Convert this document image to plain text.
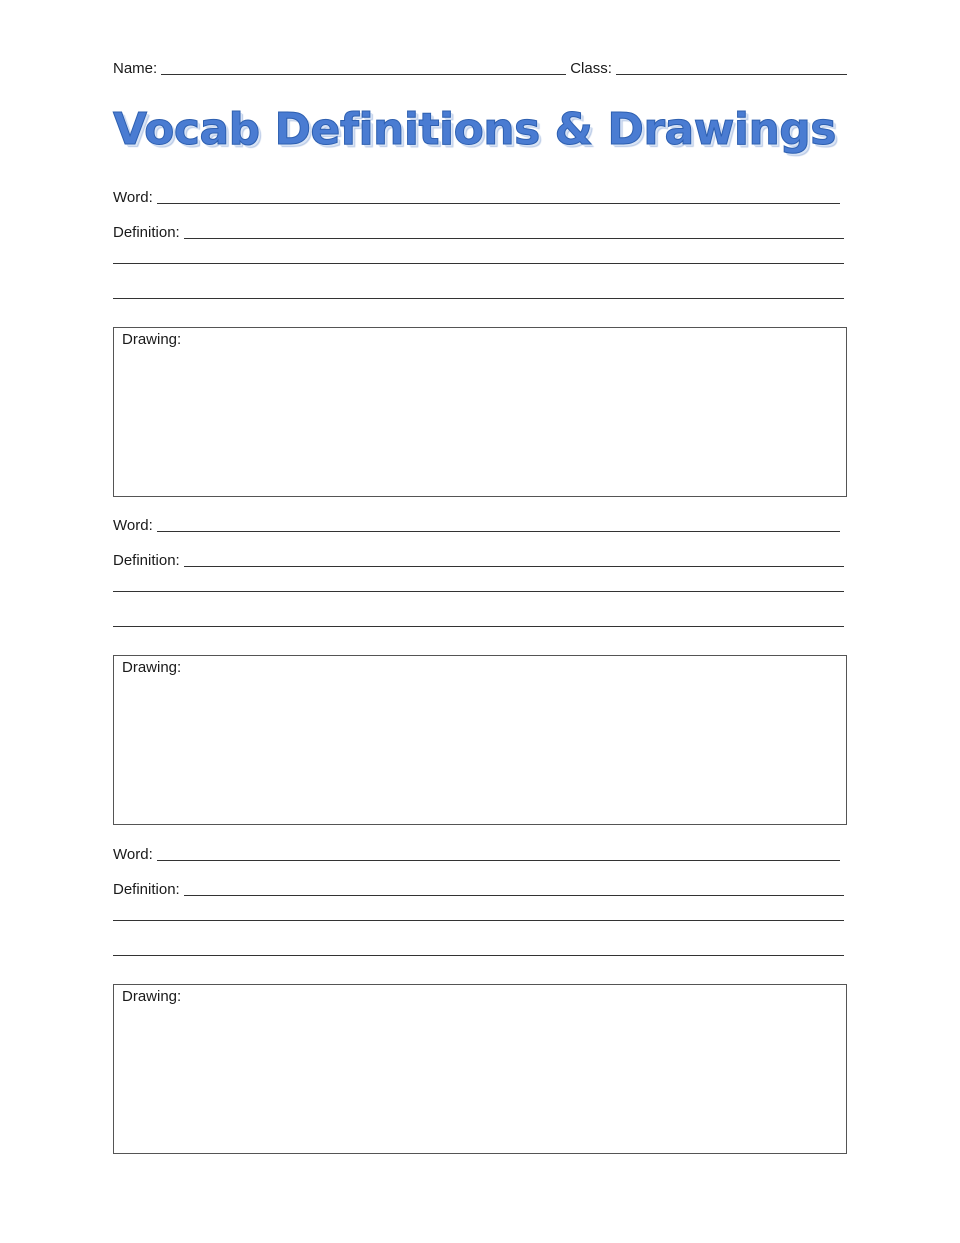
Name:	Class:
Vocab Definitions & Drawings
Word:
Definition:
Drawing:
Word:
Definition:
Drawing:
Word:
Definition:
Drawing:
